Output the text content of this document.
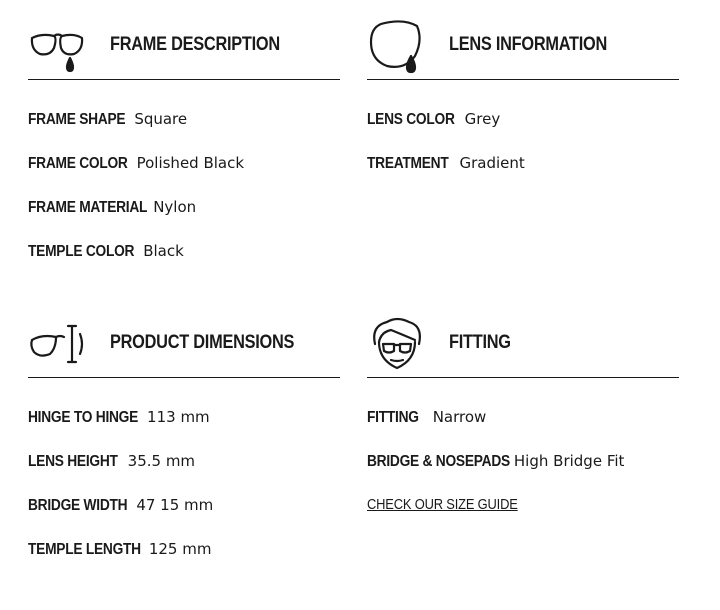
FRAME DESCRIPTION
FRAME SHAPE Square
FRAME COLOR Polished Black
FRAME MATERIAL Nylon
TEMPLE COLOR Black
LENS INFORMATION
LENS COLOR Grey
TREATMENT Gradient
PRODUCT DIMENSIONS
HINGE TO HINGE 113 mm
LENS HEIGHT 35.5 mm
BRIDGE WIDTH 47 15 mm
TEMPLE LENGTH 125 mm
FITTING
FITTING Narrow
BRIDGE & NOSEPADS High Bridge Fit
CHECK OUR SIZE GUIDE
